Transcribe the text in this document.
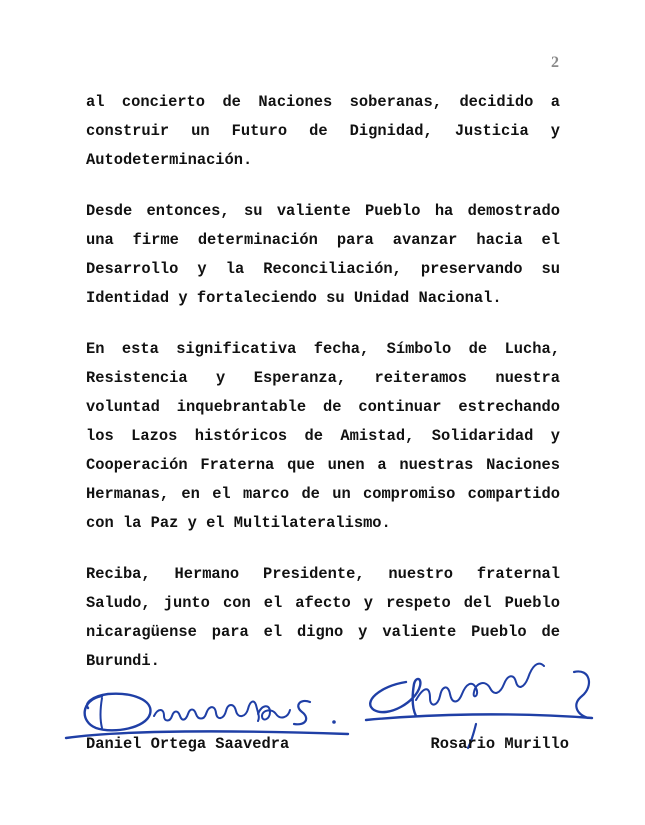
2

al concierto de Naciones soberanas, decidido a construir un Futuro de Dignidad, Justicia y Autodeterminación.

Desde entonces, su valiente Pueblo ha demostrado una firme determinación para avanzar hacia el Desarrollo y la Reconciliación, preservando su Identidad y fortaleciendo su Unidad Nacional.

En esta significativa fecha, Símbolo de Lucha, Resistencia y Esperanza, reiteramos nuestra voluntad inquebrantable de continuar estrechando los Lazos históricos de Amistad, Solidaridad y Cooperación Fraterna que unen a nuestras Naciones Hermanas, en el marco de un compromiso compartido con la Paz y el Multilateralismo.

Reciba, Hermano Presidente, nuestro fraternal Saludo, junto con el afecto y respeto del Pueblo nicaragüense para el digno y valiente Pueblo de Burundi.

Daniel Ortega Saavedra	Rosario Murillo
